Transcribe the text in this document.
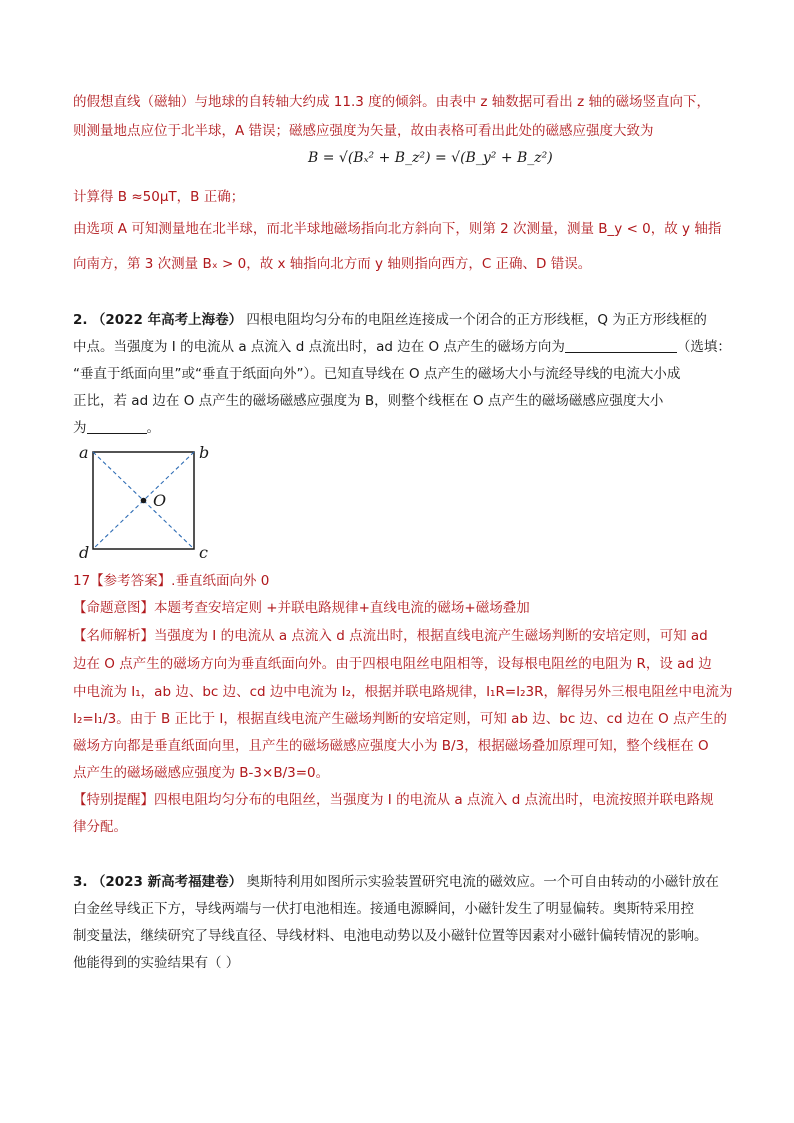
的假想直线（磁轴）与地球的自转轴大约成 11.3 度的倾斜。由表中 z 轴数据可看出 z 轴的磁场竖直向下，
则测量地点应位于北半球，A 错误；磁感应强度为矢量，故由表格可看出此处的磁感应强度大致为
B = √(Bₓ² + B_z²) = √(B_y² + B_z²)
计算得 B ≈50μT，B 正确；
由选项 A 可知测量地在北半球，而北半球地磁场指向北方斜向下，则第 2 次测量，测量 B_y < 0，故 y 轴指
向南方，第 3 次测量 Bₓ > 0，故 x 轴指向北方而 y 轴则指向西方，C 正确、D 错误。
2. （2022 年高考上海卷） 四根电阻均匀分布的电阻丝连接成一个闭合的正方形线框，Q 为正方形线框的
中点。当强度为 I 的电流从 a 点流入 d 点流出时，ad 边在 O 点产生的磁场方向为	（选填：
“垂直于纸面向里”或“垂直于纸面向外”）。已知直导线在 O 点产生的磁场大小与流经导线的电流大小成
正比，若 ad 边在 O 点产生的磁场磁感应强度为 B，则整个线框在 O 点产生的磁场磁感应强度大小
为	。
a	b
c
d
O
17【参考答案】.垂直纸面向外 0
【命题意图】本题考查安培定则 +并联电路规律+直线电流的磁场+磁场叠加
【名师解析】当强度为 I 的电流从 a 点流入 d 点流出时，根据直线电流产生磁场判断的安培定则，可知 ad
边在 O 点产生的磁场方向为垂直纸面向外。由于四根电阻丝电阻相等，设每根电阻丝的电阻为 R，设 ad 边
中电流为 I₁，ab 边、bc 边、cd 边中电流为 I₂，根据并联电路规律，I₁R=I₂3R，解得另外三根电阻丝中电流为
I₂=I₁/3。由于 B 正比于 I，根据直线电流产生磁场判断的安培定则，可知 ab 边、bc 边、cd 边在 O 点产生的
磁场方向都是垂直纸面向里，且产生的磁场磁感应强度大小为 B/3，根据磁场叠加原理可知，整个线框在 O
点产生的磁场磁感应强度为 B-3×B/3=0。
【特别提醒】四根电阻均匀分布的电阻丝，当强度为 I 的电流从 a 点流入 d 点流出时，电流按照并联电路规
律分配。
3. （2023 新高考福建卷） 奥斯特利用如图所示实验装置研究电流的磁效应。一个可自由转动的小磁针放在
白金丝导线正下方，导线两端与一伏打电池相连。接通电源瞬间，小磁针发生了明显偏转。奥斯特采用控
制变量法，继续研究了导线直径、导线材料、电池电动势以及小磁针位置等因素对小磁针偏转情况的影响。
他能得到的实验结果有（ ）
